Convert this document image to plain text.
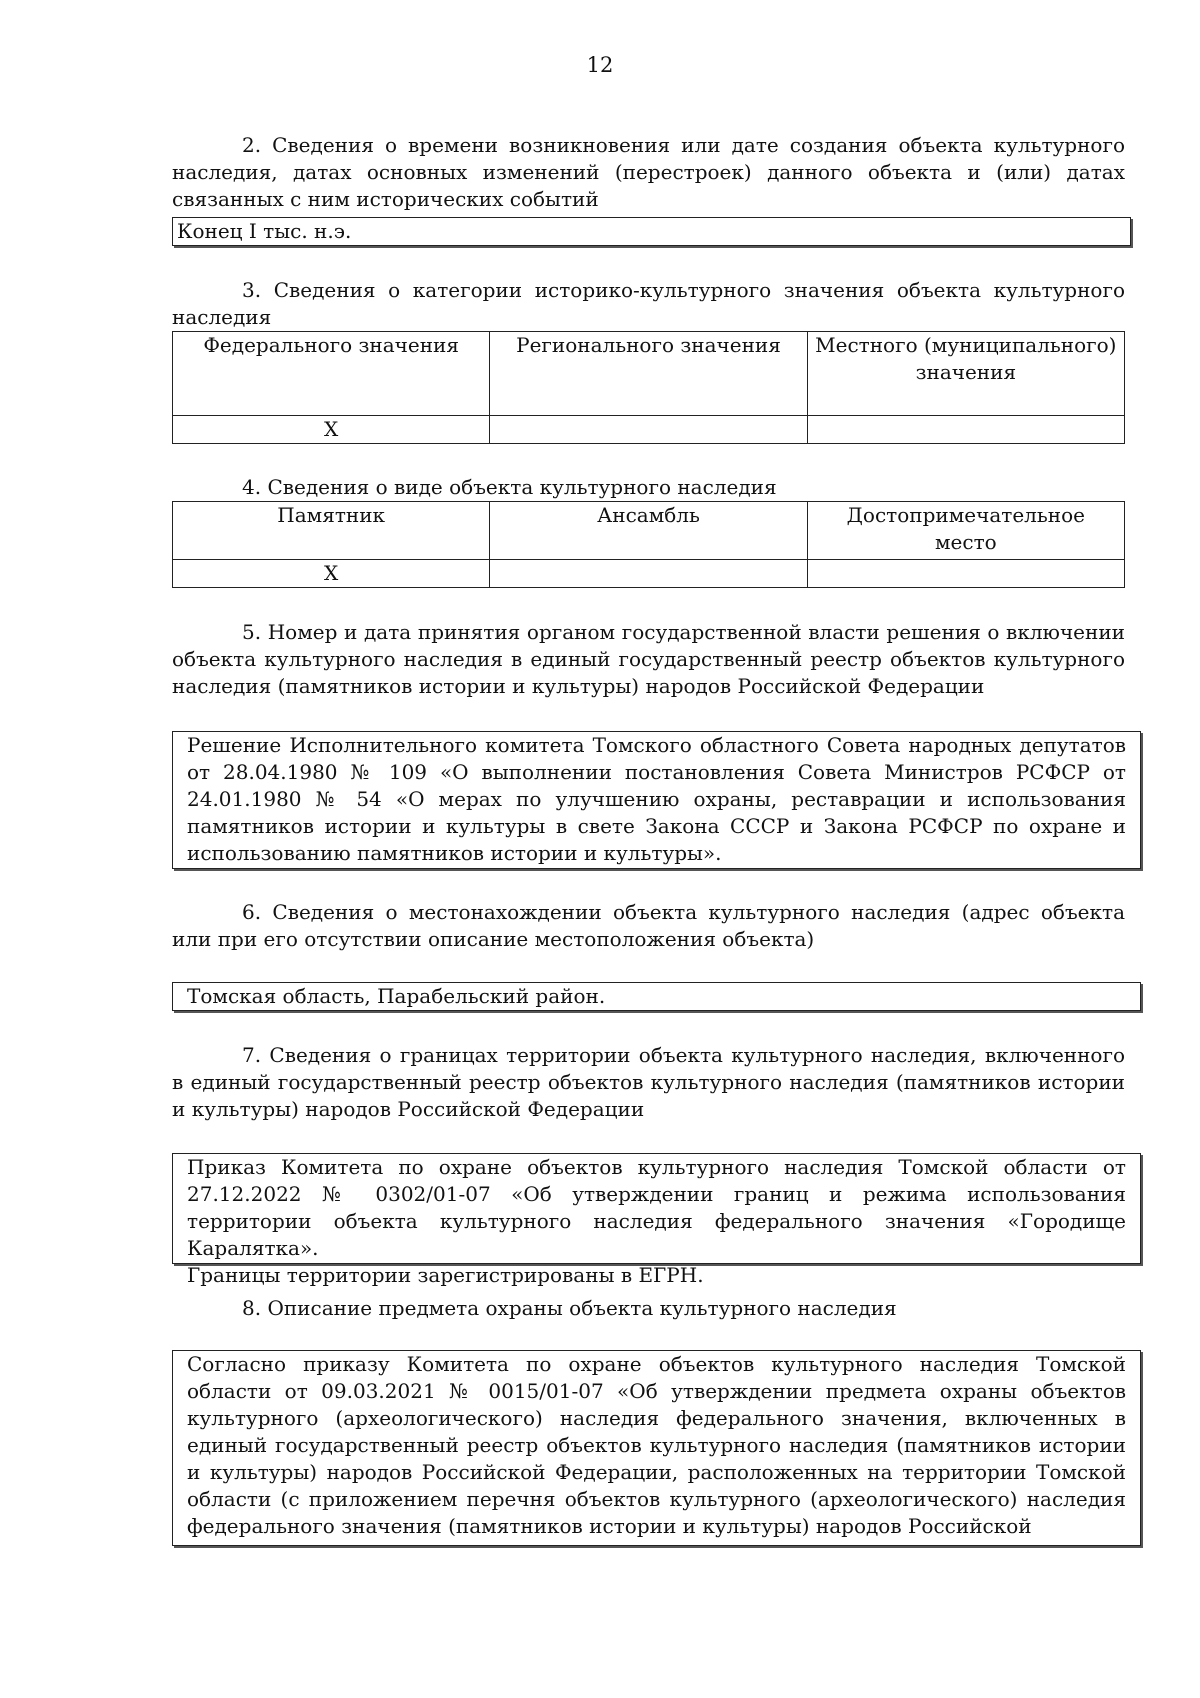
12

2. Сведения о времени возникновения или дате создания объекта культурного наследия, датах основных изменений (перестроек) данного объекта и (или) датах связанных с ним исторических событий

Конец I тыс. н.э.

3. Сведения о категории историко-культурного значения объекта культурного наследия

Федерального значения	Регионального значения	Местного (муниципального) значения
X		

4. Сведения о виде объекта культурного наследия

Памятник	Ансамбль	Достопримечательное место
X		

5. Номер и дата принятия органом государственной власти решения о включении объекта культурного наследия в единый государственный реестр объектов культурного наследия (памятников истории и культуры) народов Российской Федерации

Решение Исполнительного комитета Томского областного Совета народных депутатов от 28.04.1980 № 109 «О выполнении постановления Совета Министров РСФСР от 24.01.1980 № 54 «О мерах по улучшению охраны, реставрации и использования памятников истории и культуры в свете Закона СССР и Закона РСФСР по охране и использованию памятников истории и культуры».

6. Сведения о местонахождении объекта культурного наследия (адрес объекта или при его отсутствии описание местоположения объекта)

Томская область, Парабельский район.

7. Сведения о границах территории объекта культурного наследия, включенного в единый государственный реестр объектов культурного наследия (памятников истории и культуры) народов Российской Федерации

Приказ Комитета по охране объектов культурного наследия Томской области от 27.12.2022 № 0302/01-07 «Об утверждении границ и режима использования территории объекта культурного наследия федерального значения «Городище Каралятка».
Границы территории зарегистрированы в ЕГРН.

8. Описание предмета охраны объекта культурного наследия

Согласно приказу Комитета по охране объектов культурного наследия Томской области от 09.03.2021 № 0015/01-07 «Об утверждении предмета охраны объектов культурного (археологического) наследия федерального значения, включенных в единый государственный реестр объектов культурного наследия (памятников истории и культуры) народов Российской Федерации, расположенных на территории Томской области (с приложением перечня объектов культурного (археологического) наследия федерального значения (памятников истории и культуры) народов Российской
